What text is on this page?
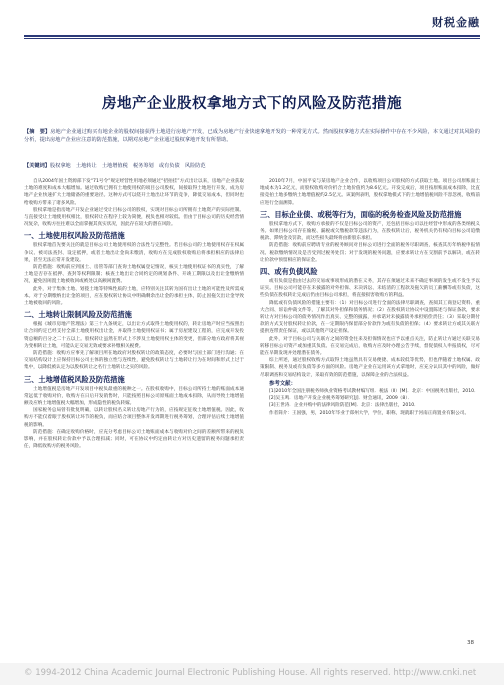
财税金融
房地产企业股权拿地方式下的风险及防范措施
【摘　要】房地产企业通过购买有地企业的股权间接获得土地进行房地产开发，已成为房地产行业快速拿地开发的一种常见方式。然而股权拿地方式在实际操作中存在不少风险，本文通过对其风险的分析，提出房地产企业应注意的防范措施，以期对房地产企业通过股权拿地开发有所帮助。
【关键词】股权拿地　土地转让　土地增值税　税务筹划　或有负债　风险防范
自从2004年国土资源部下发“71号令”规定经营性用地必须通过“招拍挂”方式出让以来，房地产企业获取土地的难度和成本大幅增加。通过收购已拥有土地使用权的项目公司股权，间接取得土地进行开发，成为房地产企业快速扩大土地储备的重要途径。这种方式可以绕开土地出让环节的竞争，降低交易成本，但同时也给收购方带来了诸多风险。
股权拿地是指房地产开发企业通过受让目标公司的股权，实现对目标公司所拥有土地资产的实际控制。与直接受让土地使用权相比，股权转让在程序上较为简便，税负也相对较低。但由于目标公司的历史经营情况复杂，收购方往往难以全面掌握其真实状况，因此存在较大的潜在风险。
一、土地使用权风险及防范措施
股权拿地首先要关注的就是目标公司土地使用权的合法性与完整性。若目标公司的土地使用权存在权属争议、被司法查封、设定抵押，或者土地出让金尚未缴清，收购方在完成股权收购后将承担相应的法律后果，甚至无法正常开发建设。
防范措施：收购前应到国土、房管等部门查询土地权属登记情况，核实土地使用权证书的真实性，了解土地是否存在抵押、查封等权利限制；核查土地出让合同约定的规划条件、开竣工期限以及出让金缴纳情况，避免因闲置土地被收回或被处以高额闲置费。
此外，对于集体土地、划拨土地等特殊性质的土地，应特别关注其转为国有出让土地的可能性及所需成本。对于分期缴纳出让金的项目，应在股权转让协议中明确剩余出让金的承担主体，防止因拖欠出让金导致土地被收回的风险。
二、土地转让限制风险及防范措施
根据《城市房地产管理法》第三十九条规定，以出让方式取得土地使用权的，转让房地产时应当按照出让合同约定已经支付全部土地使用权出让金，并取得土地使用权证书；属于房屋建设工程的，应完成开发投资总额的百分之二十五以上。股权转让虽然在形式上不涉及土地使用权主体的变更，但部分地方政府将其视为变相转让土地，可能认定交易无效或要求补缴相关税费。
防范措施：收购方应事先了解项目所在地政府对股权转让的政策态度，必要时与国土部门进行沟通；在交易结构设计上应保持目标公司主体的独立性与连续性，避免股权转让与土地转让行为在时间和形式上过于集中，以降低被认定为以股权转让之名行土地转让之实的风险。
三、土地增值税风险及防范措施
土地增值税是房地产开发项目中税负最重的税种之一。在股权收购中，目标公司所持土地的账面成本通常远低于收购对价，收购方在日后开发销售时，只能按照目标公司原账面土地成本扣除，从而导致土地增值额及应纳土地增值税大幅增加，形成隐性的税负转嫁。
国家税务总局曾有批复明确，以转让股权名义转让房地产行为的，应按规定征收土地增值税。因此，收购方不能仅着眼于股权转让环节的税负，而应结合项目整体开发周期进行税务筹划，合理评估后续土地增值税的影响。
防范措施：在确定收购价格时，应充分考虑目标公司土地账面成本与收购对价之间的差额所带来的税负影响，并在股权转让价款中予以合理扣减；同时，可在协议中约定由转让方对历史遗留的税务问题承担责任，降低收购方的税务风险。
2010年7月，中国平安与某房地产企业合作，以收购项目公司股权的方式获取土地。项目公司原账面土地成本为1.2亿元，而股权收购对价折合土地价值约为8.6亿元。开发完成后，项目按原账面成本扣除，比直接竞拍土地多缴纳土地增值税约2.5亿元。该案例表明，股权拿地模式下的土地增值税风险不容忽视，收购前应进行全面测算。
三、目标企业债、或税等行为，面临的税务检查风险及防范措施
股权拿地方式下，收购方承接的不仅是目标公司的资产，还包括目标公司以往经营中形成的各类纳税义务。如果目标公司存在偷税、漏税或欠缴税款等违法行为，在股权转让后，税务机关仍有权向目标公司追缴税款、滞纳金及罚款，而这些损失最终将由新股东承担。
防范措施：收购前应聘请专业的税务顾问对目标公司进行全面的税务尽职调查，核查其历年纳税申报情况、税款缴纳情况及是否受到过税务处罚；对于发现的税务问题，应要求转让方在交割前予以解决，或在转让价款中预留相应的保证金。
四、或有负债风险
或有负债是指由过去的交易或事项形成的潜在义务，其存在须通过未来不确定事项的发生或不发生予以证实。目标公司可能存在未披露的对外担保、未决诉讼、未结清的工程款及拖欠的员工薪酬等或有负债，这些负债在股权转让完成后仍由目标公司承担，将直接损害收购方的利益。
降低或有负债风险的措施主要有：（1）对目标公司进行全面的法律尽职调查，查阅其工商登记资料、重大合同、诉讼仲裁文件等，了解其对外担保和债务情况；（2）在股权转让协议中设置陈述与保证条款，要求转让方对目标公司的债务情况作出真实、完整的披露，并承诺对未披露债务承担赔偿责任；（3）采取分期付款的方式支付股权转让价款，在一定期限内保留部分价款作为或有负债的担保；（4）要求转让方或其关联方提供连带责任保证，或以其他资产设定担保。
此外，对于目标公司与关联方之间的资金往来及担保情况也应予以重点关注，防止转让方通过关联交易转移目标公司资产或加重其负债。在交易完成后，收购方应及时办理公告手续，督促债权人申报债权，尽可能在早期发现并处理潜在债务。
综上所述，通过股权收购方式取得土地虽然具有交易便捷、成本较低等优势，但也伴随着土地权属、政策限制、税务及或有负债等多方面的风险。房地产企业在运用该方式拿地时，应充分认识其中的风险，做好尽职调查和交易结构设计，采取有效的防范措施，以保障企业的合法权益。
参考文献：
[1]2010年全国注册税务师执业资格考试教材编写组．税法（Ⅱ）[M]．北京：中国税务出版社，2010．
[2]吴玉鸣．房地产开发企业税务筹划研究[J]．财会通讯，2009（8）．
[3]王世涛．企业并购中的法律风险防范[M]．北京：法律出版社，2010．
作者简介：王国强，男，2010年毕业于郑州大学，学位，职称，现就职于河南正商置业有限公司。
38
© 1994-2012 China Academic Journal Electronic Publishing House. All rights reserved. http://www.cnki.net
